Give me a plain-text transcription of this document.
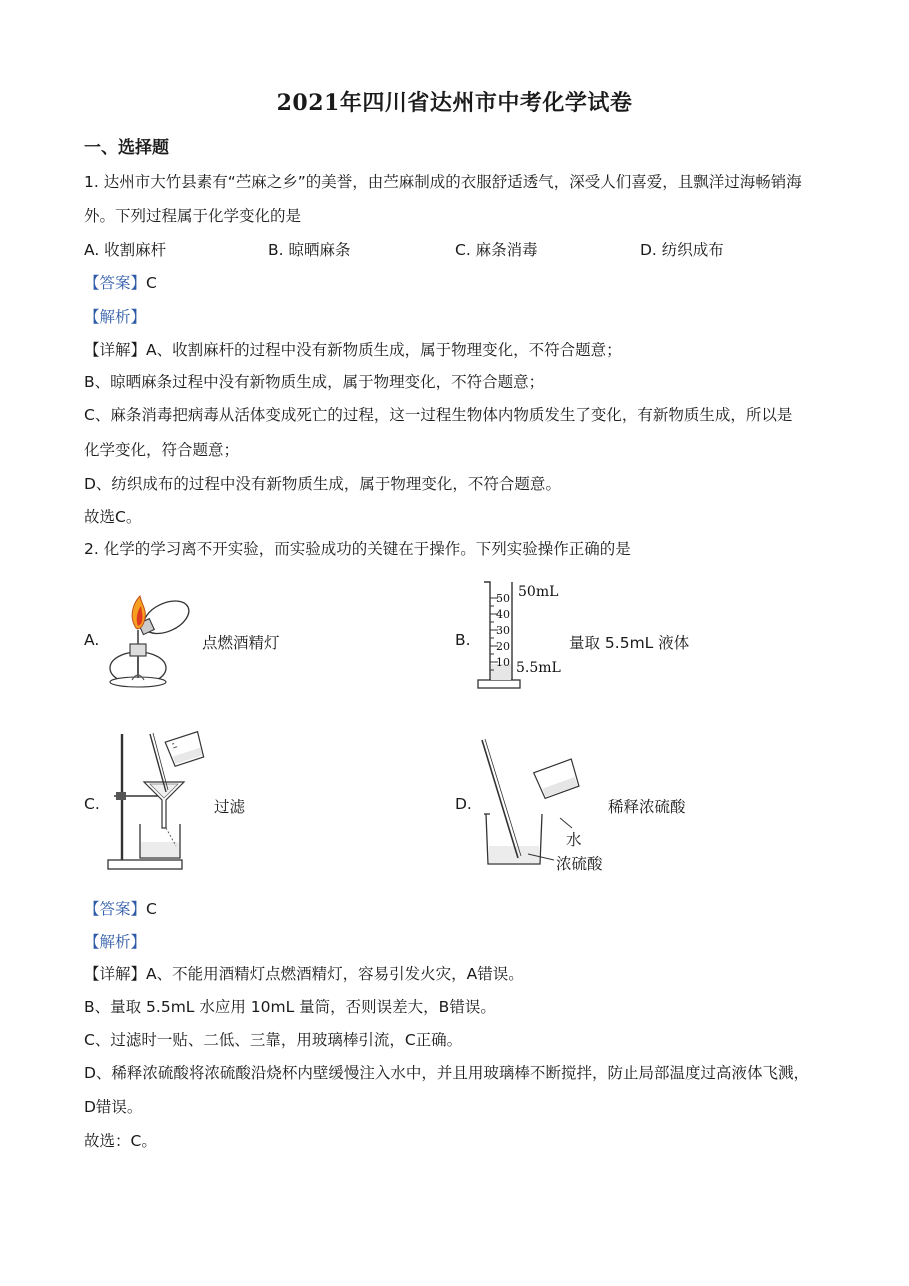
2021年四川省达州市中考化学试卷
一、选择题
1. 达州市大竹县素有“苎麻之乡”的美誉，由苎麻制成的衣服舒适透气，深受人们喜爱，且飘洋过海畅销海
外。下列过程属于化学变化的是
A. 收割麻杆	B. 晾晒麻条	C. 麻条消毒	D. 纺织成布
【答案】C
【解析】
【详解】A、收割麻杆的过程中没有新物质生成，属于物理变化，不符合题意；
B、晾晒麻条过程中没有新物质生成，属于物理变化，不符合题意；
C、麻条消毒把病毒从活体变成死亡的过程，这一过程生物体内物质发生了变化，有新物质生成，所以是
化学变化，符合题意；
D、纺织成布的过程中没有新物质生成，属于物理变化，不符合题意。
故选C。
2. 化学的学习离不开实验，而实验成功的关键在于操作。下列实验操作正确的是
A.	点燃酒精灯	B.
50
40
30
20
10
50mL
5.5mL
量取 5.5mL 液体
C.	过滤	D.	稀释浓硫酸
水
浓硫酸
【答案】C
【解析】
【详解】A、不能用酒精灯点燃酒精灯，容易引发火灾，A错误。
B、量取 5.5mL 水应用 10mL 量筒，否则误差大，B错误。
C、过滤时一贴、二低、三靠，用玻璃棒引流，C正确。
D、稀释浓硫酸将浓硫酸沿烧杯内壁缓慢注入水中，并且用玻璃棒不断搅拌，防止局部温度过高液体飞溅，
D错误。
故选：C。
